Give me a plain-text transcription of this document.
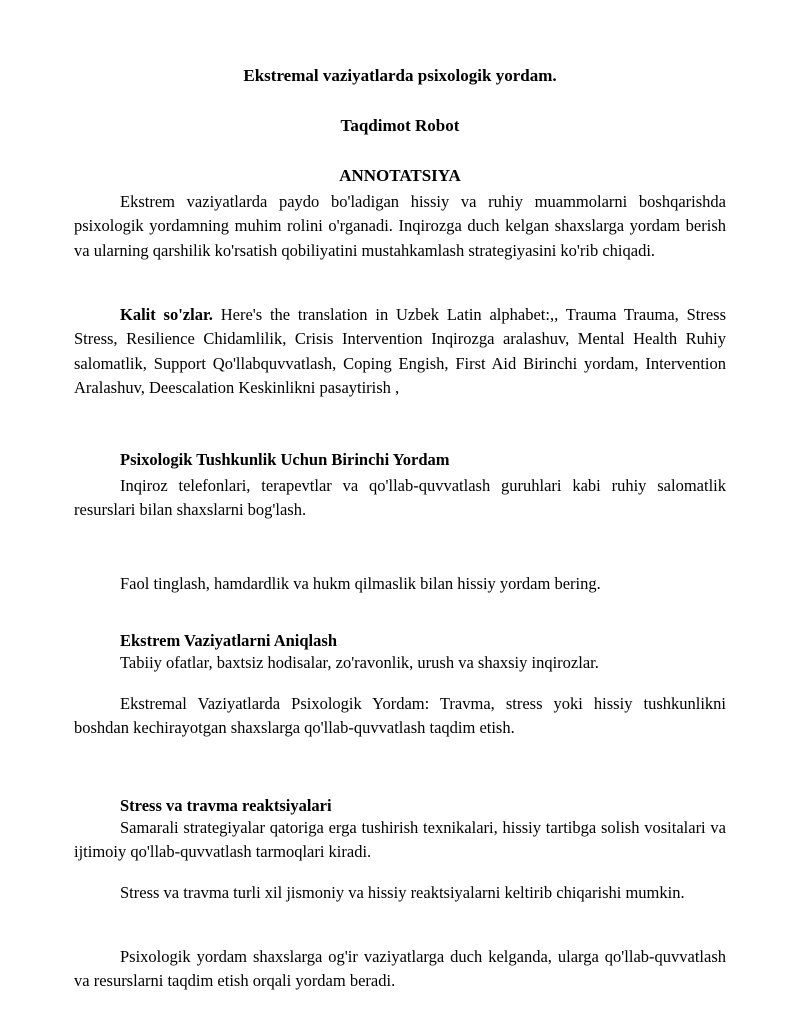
Ekstremal vaziyatlarda psixologik yordam.
Taqdimot Robot
ANNOTATSIYA

Ekstrem vaziyatlarda paydo bo'ladigan hissiy va ruhiy muammolarni boshqarishda psixologik yordamning muhim rolini o'rganadi. Inqirozga duch kelgan shaxslarga yordam berish va ularning qarshilik ko'rsatish qobiliyatini mustahkamlash strategiyasini ko'rib chiqadi.

Kalit so'zlar. Here's the translation in Uzbek Latin alphabet:,, Trauma Trauma, Stress Stress, Resilience Chidamlilik, Crisis Intervention Inqirozga aralashuv, Mental Health Ruhiy salomatlik, Support Qo'llabquvvatlash, Coping Engish, First Aid Birinchi yordam, Intervention Aralashuv, Deescalation Keskinlikni pasaytirish ,

Psixologik Tushkunlik Uchun Birinchi Yordam

Inqiroz telefonlari, terapevtlar va qo'llab-quvvatlash guruhlari kabi ruhiy salomatlik resurslari bilan shaxslarni bog'lash.

Faol tinglash, hamdardlik va hukm qilmaslik bilan hissiy yordam bering.

Ekstrem Vaziyatlarni Aniqlash

Tabiiy ofatlar, baxtsiz hodisalar, zo'ravonlik, urush va shaxsiy inqirozlar.

Ekstremal Vaziyatlarda Psixologik Yordam: Travma, stress yoki hissiy tushkunlikni boshdan kechirayotgan shaxslarga qo'llab-quvvatlash taqdim etish.

Stress va travma reaktsiyalari

Samarali strategiyalar qatoriga erga tushirish texnikalari, hissiy tartibga solish vositalari va ijtimoiy qo'llab-quvvatlash tarmoqlari kiradi.

Stress va travma turli xil jismoniy va hissiy reaktsiyalarni keltirib chiqarishi mumkin.

Psixologik yordam shaxslarga og'ir vaziyatlarga duch kelganda, ularga qo'llab-quvvatlash va resurslarni taqdim etish orqali yordam beradi.
